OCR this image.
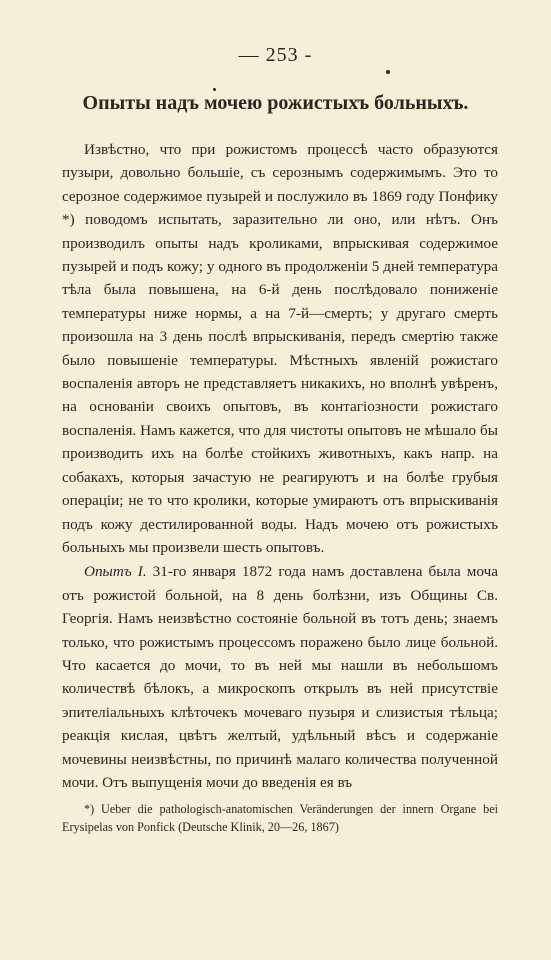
— 253 -
Опыты надъ мочею рожистыхъ больныхъ.

Извѣстно, что при рожистомъ процессѣ часто образуются пузыри, довольно большіе, съ серознымъ содержимымъ. Это то серозное содержимое пузырей и послужило въ 1869 году Понфику *) поводомъ испытать, заразительно ли оно, или нѣтъ. Онъ производилъ опыты надъ кроликами, впрыскивая содержимое пузырей и подъ кожу; у одного въ продолженіи 5 дней температура тѣла была повышена, на 6-й день послѣдовало пониженіе температуры ниже нормы, а на 7-й—смерть; у другаго смерть произошла на 3 день послѣ впрыскиванія, передъ смертію также было повышеніе температуры. Мѣстныхъ явленій рожистаго воспаленія авторъ не представляетъ никакихъ, но вполнѣ увѣренъ, на основаніи своихъ опытовъ, въ контагіозности рожистаго воспаленія. Намъ кажется, что для чистоты опытовъ не мѣшало бы производить ихъ на болѣе стойкихъ животныхъ, какъ напр. на собакахъ, которыя зачастую не реагируютъ и на болѣе грубыя операціи; не то что кролики, которые умираютъ отъ впрыскиванія подъ кожу дестилированной воды. Надъ мочею отъ рожистыхъ больныхъ мы произвели шесть опытовъ.

Опытъ I. 31-го января 1872 года намъ доставлена была моча отъ рожистой больной, на 8 день болѣзни, изъ Общины Св. Георгія. Намъ неизвѣстно состояніе больной въ тотъ день; знаемъ только, что рожистымъ процессомъ поражено было лице больной. Что касается до мочи, то въ ней мы нашли въ небольшомъ количествѣ бѣлокъ, а микроскопъ открылъ въ ней присутствіе эпителіальныхъ клѣточекъ мочеваго пузыря и слизистыя тѣльца; реакція кислая, цвѣтъ желтый, удѣльный вѣсъ и содержаніе мочевины неизвѣстны, по причинѣ малаго количества полученной мочи. Отъ выпущенія мочи до введенія ея въ

*) Ueber die pathologisch-anatomischen Veränderungen der innern Organe bei Erysipelas von Ponfick (Deutsche Klinik, 20—26, 1867)
